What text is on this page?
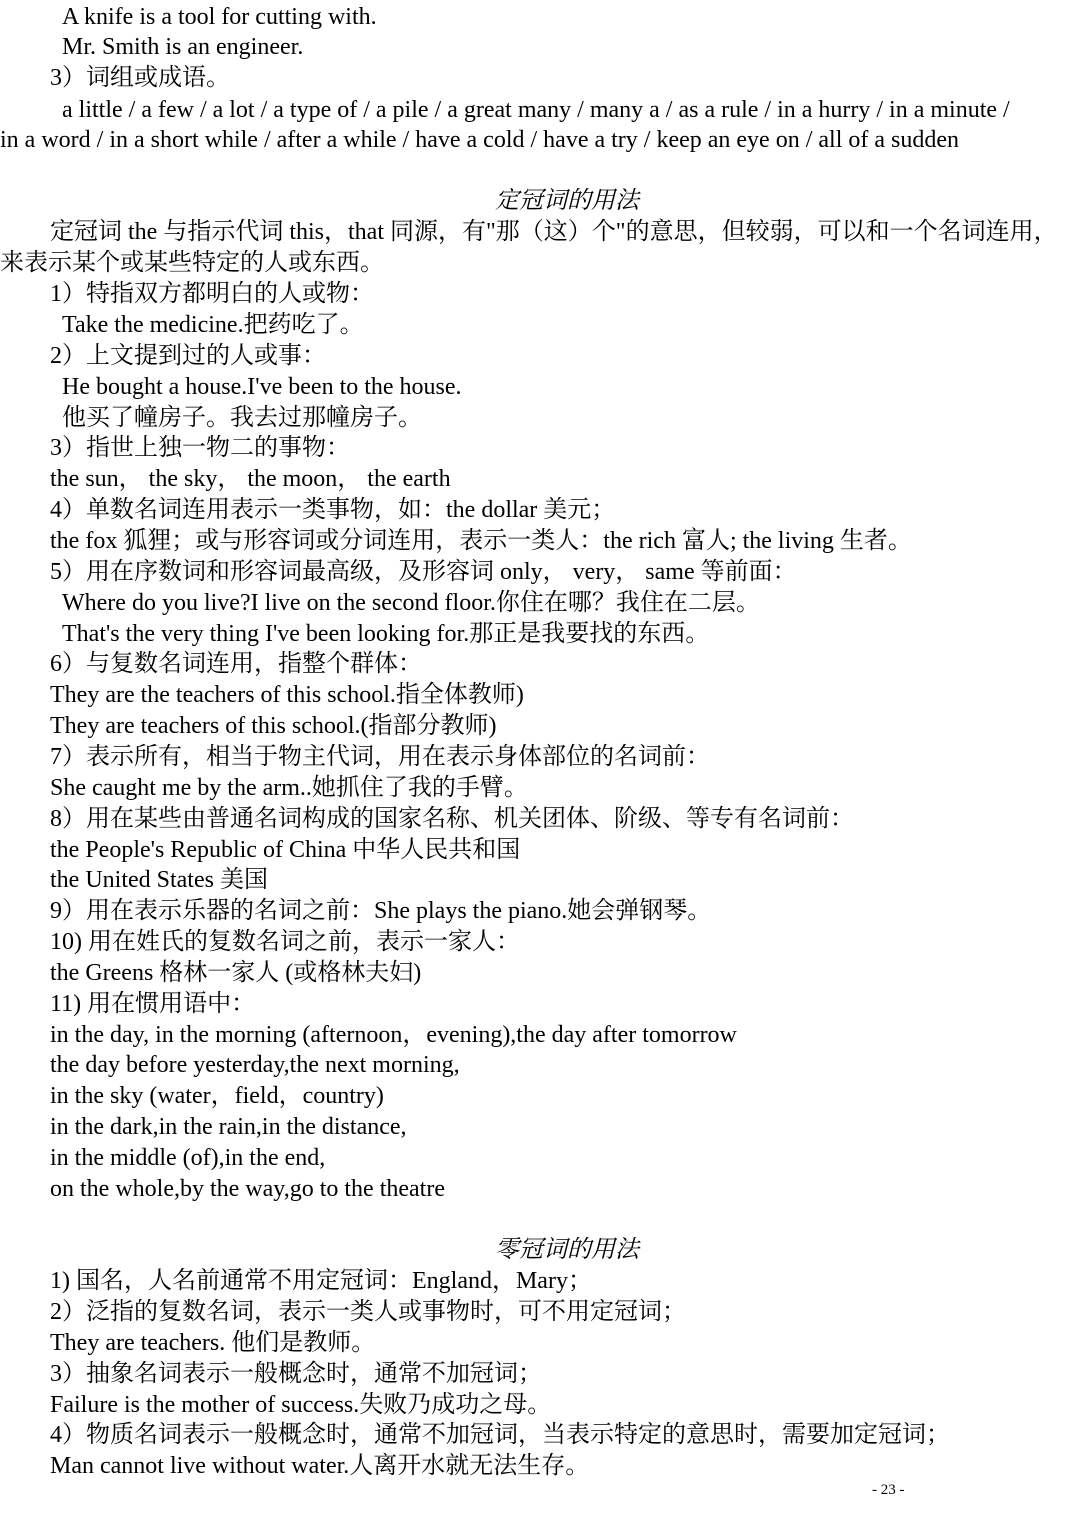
A knife is a tool for cutting with.
Mr. Smith is an engineer.
3）词组或成语。
a little / a few / a lot / a type of / a pile / a great many / many a / as a rule / in a hurry / in a minute /
in a word / in a short while / after a while / have a cold / have a try / keep an eye on / all of a sudden
定冠词的用法
定冠词 the 与指示代词 this，that 同源，有"那（这）个"的意思，但较弱，可以和一个名词连用，
来表示某个或某些特定的人或东西。
1）特指双方都明白的人或物：
Take the medicine.把药吃了。
2）上文提到过的人或事：
He bought a house.I've been to the house.
他买了幢房子。我去过那幢房子。
3）指世上独一物二的事物：
the sun， the sky， the moon， the earth
4）单数名词连用表示一类事物，如：the dollar 美元；
the fox 狐狸；或与形容词或分词连用，表示一类人：the rich 富人; the living 生者。
5）用在序数词和形容词最高级，及形容词 only， very， same 等前面：
Where do you live?I live on the second floor.你住在哪？我住在二层。
That's the very thing I've been looking for.那正是我要找的东西。
6）与复数名词连用，指整个群体：
They are the teachers of this school.指全体教师)
They are teachers of this school.(指部分教师)
7）表示所有，相当于物主代词，用在表示身体部位的名词前：
She caught me by the arm..她抓住了我的手臂。
8）用在某些由普通名词构成的国家名称、机关团体、阶级、等专有名词前：
the People's Republic of China 中华人民共和国
the United States 美国
9）用在表示乐器的名词之前：She plays the piano.她会弹钢琴。
10) 用在姓氏的复数名词之前，表示一家人：
the Greens 格林一家人 (或格林夫妇)
11) 用在惯用语中：
in the day, in the morning (afternoon，evening),the day after tomorrow
the day before yesterday,the next morning,
in the sky (water，field，country)
in the dark,in the rain,in the distance,
in the middle (of),in the end,
on the whole,by the way,go to the theatre
零冠词的用法
1) 国名，人名前通常不用定冠词：England，Mary；
2）泛指的复数名词，表示一类人或事物时，可不用定冠词；
They are teachers. 他们是教师。
3）抽象名词表示一般概念时，通常不加冠词；
Failure is the mother of success.失败乃成功之母。
4）物质名词表示一般概念时，通常不加冠词，当表示特定的意思时，需要加定冠词；
Man cannot live without water.人离开水就无法生存。
- 23 -
